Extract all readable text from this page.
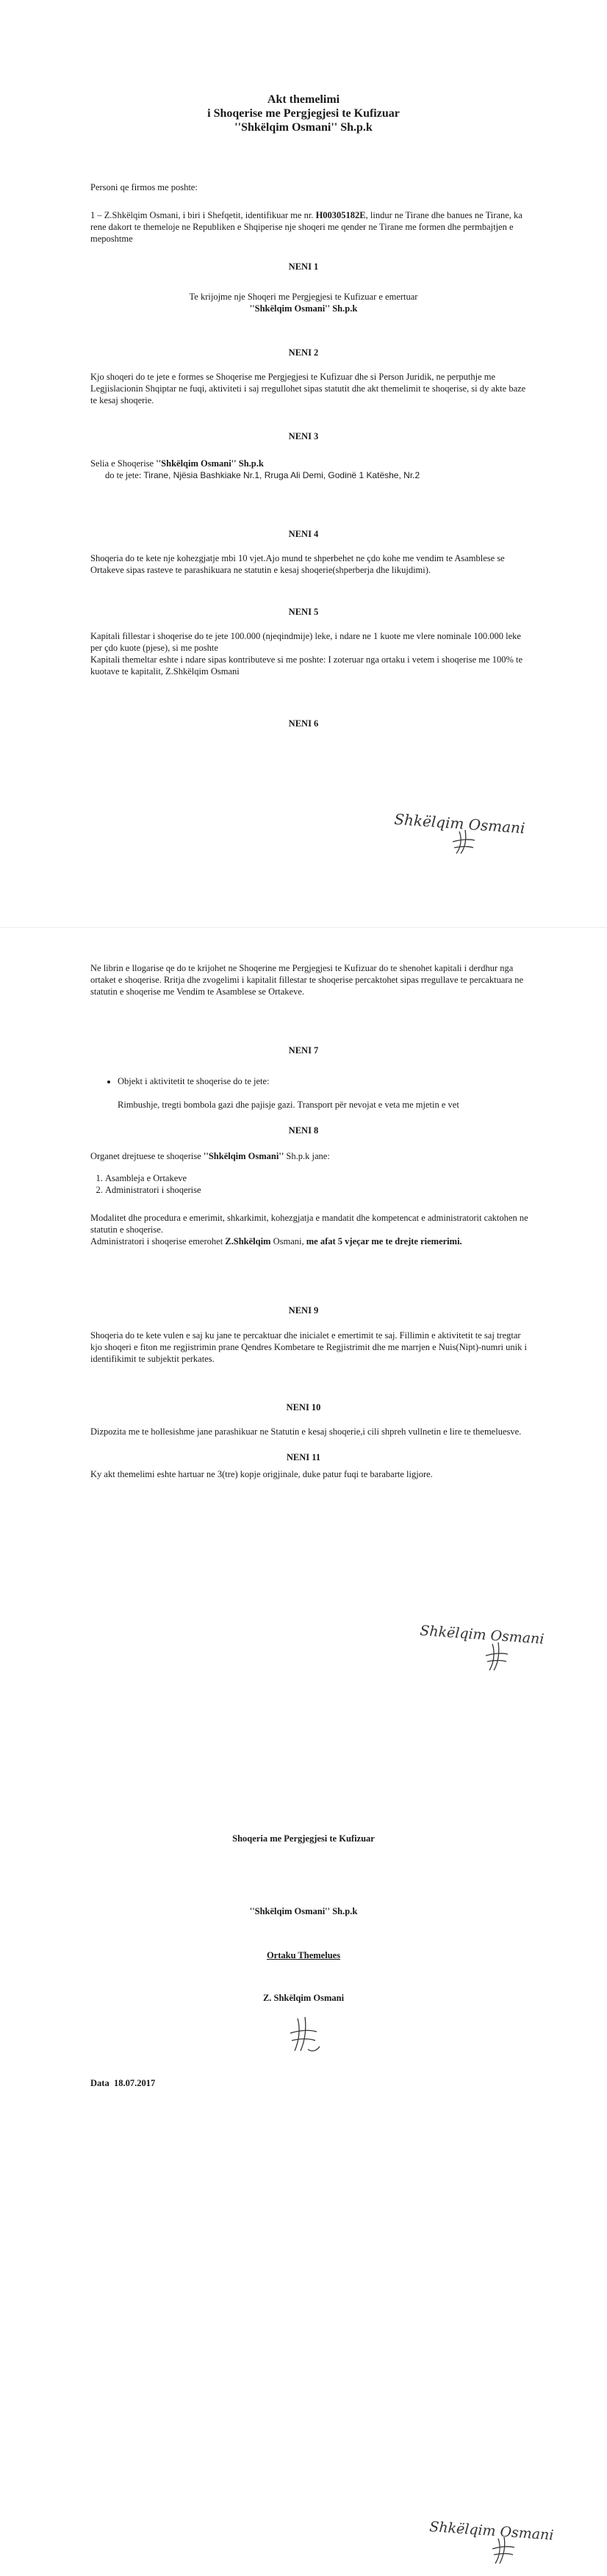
Akt themelimi
i Shoqerise me Pergjegjesi te Kufizuar
''Shkëlqim Osmani'' Sh.p.k

Personi qe firmos me poshte:

1 – Z.Shkëlqim Osmani, i biri i Shefqetit, identifikuar me nr. H00305182E, lindur ne Tirane dhe banues ne Tirane, ka rene dakort te themeloje ne Republiken e Shqiperise nje shoqeri me qender ne Tirane me formen dhe permbajtjen e meposhtme

NENI 1
Te krijojme nje Shoqeri me Pergjegjesi te Kufizuar e emertuar
''Shkëlqim Osmani'' Sh.p.k
NENI 2

Kjo shoqeri do te jete e formes se Shoqerise me Pergjegjesi te Kufizuar dhe si Person Juridik, ne perputhje me Legjislacionin Shqiptar ne fuqi, aktiviteti i saj rregullohet sipas statutit dhe akt themelimit te shoqerise, si dy akte baze te kesaj shoqerie.

NENI 3

Selia e Shoqerise ''Shkëlqim Osmani'' Sh.p.k

do te jete: Tirane, Njësia Bashkiake Nr.1, Rruga Ali Demi, Godinë 1 Katëshe, Nr.2

NENI 4

Shoqeria do te kete nje kohezgjatje mbi 10 vjet.Ajo mund te shperbehet ne çdo kohe me vendim te Asamblese se Ortakeve sipas rasteve te parashikuara ne statutin e kesaj shoqerie(shperberja dhe likujdimi).

NENI 5

Kapitali fillestar i shoqerise do te jete 100.000 (njeqindmije) leke, i ndare ne 1 kuote me vlere nominale 100.000 leke per çdo kuote (pjese), si me poshte

Kapitali themeltar eshte i ndare sipas kontributeve si me poshte: I zoteruar nga ortaku i vetem i shoqerise me 100% te kuotave te kapitalit, Z.Shkëlqim Osmani

NENI 6
Shkëlqim Osmani

Ne librin e llogarise qe do te krijohet ne Shoqerine me Pergjegjesi te Kufizuar do te shenohet kapitali i derdhur nga ortaket e shoqerise. Rritja dhe zvogelimi i kapitalit fillestar te shoqerise percaktohet sipas rregullave te percaktuara ne statutin e shoqerise me Vendim te Asamblese se Ortakeve.

NENI 7
• Objekt i aktivitetit te shoqerise do te jete:

Rimbushje, tregti bombola gazi dhe pajisje gazi. Transport për nevojat e veta me mjetin e vet

NENI 8

Organet drejtuese te shoqerise ''Shkëlqim Osmani'' Sh.p.k jane:

1. Asambleja e Ortakeve
2. Administratori i shoqerise

Modalitet dhe procedura e emerimit, shkarkimit, kohezgjatja e mandatit dhe kompetencat e administratorit caktohen ne statutin e shoqerise.

Administratori i shoqerise emerohet Z.Shkëlqim Osmani, me afat 5 vjeçar me te drejte riemerimi.

NENI 9

Shoqeria do te kete vulen e saj ku jane te percaktuar dhe inicialet e emertimit te saj. Fillimin e aktivitetit te saj tregtar kjo shoqeri e fiton me regjistrimin prane Qendres Kombetare te Regjistrimit dhe me marrjen e Nuis(Nipt)-numri unik i identifikimit te subjektit perkates.

NENI 10

Dizpozita me te hollesishme jane parashikuar ne Statutin e kesaj shoqerie,i cili shpreh vullnetin e lire te themeluesve.

NENI 11

Ky akt themelimi eshte hartuar ne 3(tre) kopje origjinale, duke patur fuqi te barabarte ligjore.

Shkëlqim Osmani
Shoqeria me Pergjegjesi te Kufizuar
''Shkëlqim Osmani'' Sh.p.k
Ortaku Themelues
Z. Shkëlqim Osmani

Data 18.07.2017

Shkëlqim Osmani
